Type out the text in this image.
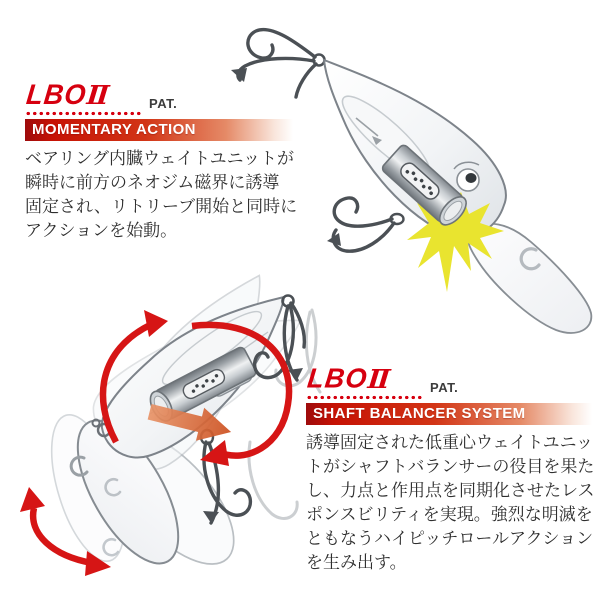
LBOⅡ	PAT.
MOMENTARY ACTION
ベアリング内臓ウェイトユニットが
瞬時に前方のネオジム磁界に誘導
固定され、リトリーブ開始と同時に
アクションを始動。
LBOⅡ	PAT.
SHAFT BALANCER SYSTEM
誘導固定された低重心ウェイトユニッ
トがシャフトバランサーの役目を果た
し、力点と作用点を同期化させたレス
ポンスビリティを実現。強烈な明滅を
ともなうハイピッチロールアクション
を生み出す。
